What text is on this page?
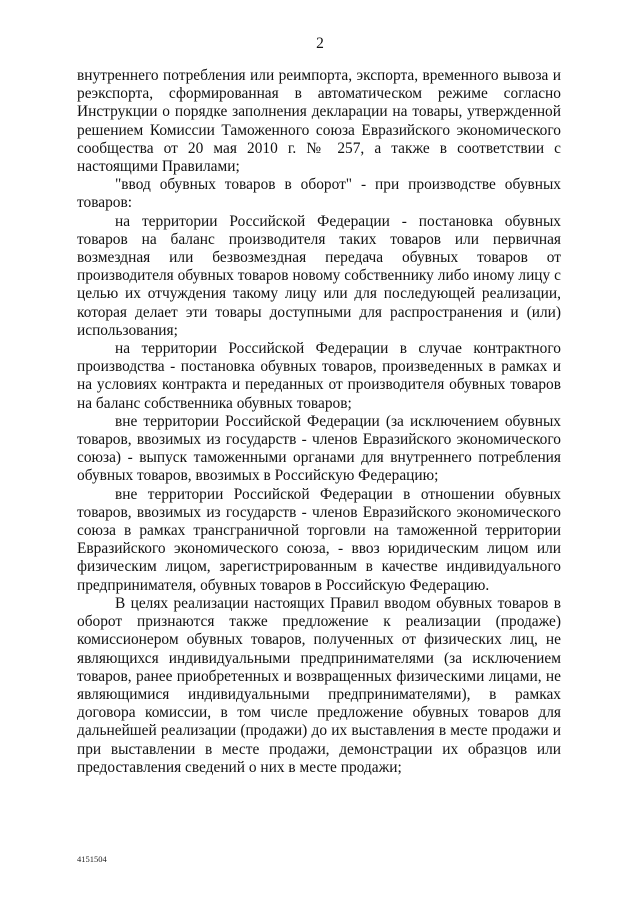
2

внутреннего потребления или реимпорта, экспорта, временного вывоза и реэкспорта, сформированная в автоматическом режиме согласно Инструкции о порядке заполнения декларации на товары, утвержденной решением Комиссии Таможенного союза Евразийского экономического сообщества от 20 мая 2010 г. № 257, а также в соответствии с настоящими Правилами;

"ввод обувных товаров в оборот" - при производстве обувных товаров:

на территории Российской Федерации - постановка обувных товаров на баланс производителя таких товаров или первичная возмездная или безвозмездная передача обувных товаров от производителя обувных товаров новому собственнику либо иному лицу с целью их отчуждения такому лицу или для последующей реализации, которая делает эти товары доступными для распространения и (или) использования;

на территории Российской Федерации в случае контрактного производства - постановка обувных товаров, произведенных в рамках и на условиях контракта и переданных от производителя обувных товаров на баланс собственника обувных товаров;

вне территории Российской Федерации (за исключением обувных товаров, ввозимых из государств - членов Евразийского экономического союза) - выпуск таможенными органами для внутреннего потребления обувных товаров, ввозимых в Российскую Федерацию;

вне территории Российской Федерации в отношении обувных товаров, ввозимых из государств - членов Евразийского экономического союза в рамках трансграничной торговли на таможенной территории Евразийского экономического союза, - ввоз юридическим лицом или физическим лицом, зарегистрированным в качестве индивидуального предпринимателя, обувных товаров в Российскую Федерацию.

В целях реализации настоящих Правил вводом обувных товаров в оборот признаются также предложение к реализации (продаже) комиссионером обувных товаров, полученных от физических лиц, не являющихся индивидуальными предпринимателями (за исключением товаров, ранее приобретенных и возвращенных физическими лицами, не являющимися индивидуальными предпринимателями), в рамках договора комиссии, в том числе предложение обувных товаров для дальнейшей реализации (продажи) до их выставления в месте продажи и при выставлении в месте продажи, демонстрации их образцов или предоставления сведений о них в месте продажи;

4151504
